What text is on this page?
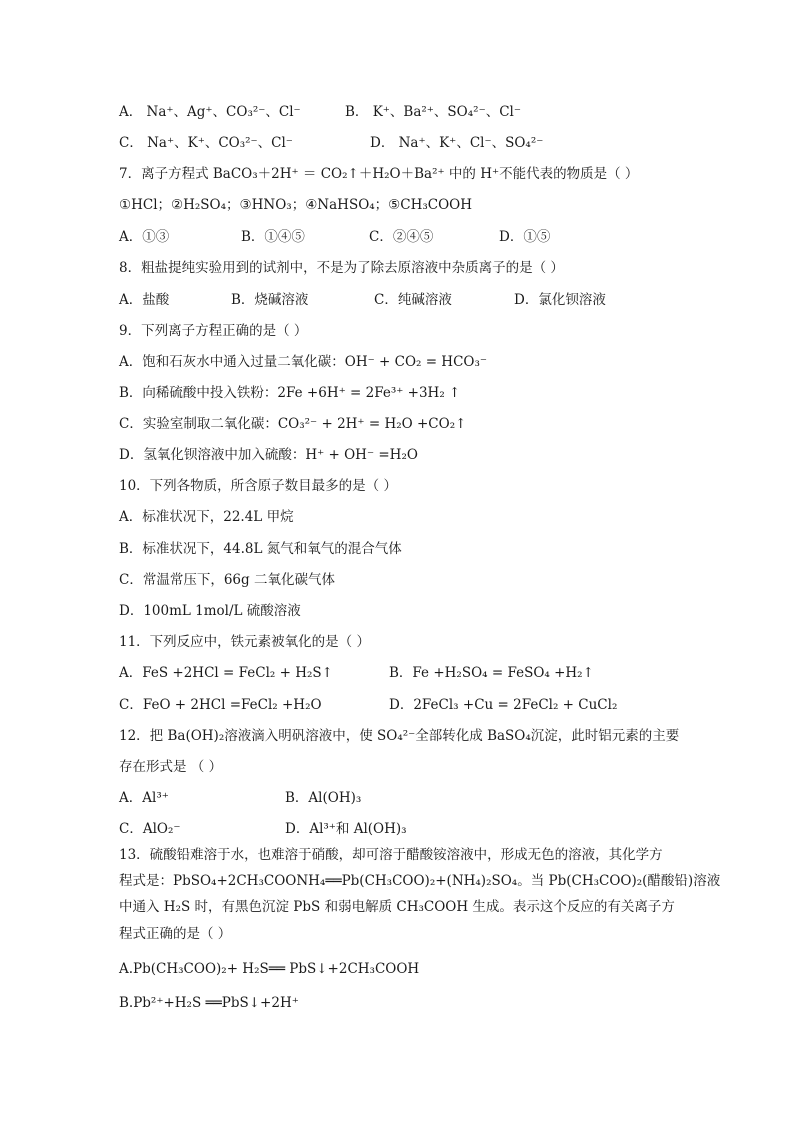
A． Na⁺、Ag⁺、CO₃²⁻、Cl⁻	B． K⁺、Ba²⁺、SO₄²⁻、Cl⁻
C． Na⁺、K⁺、CO₃²⁻、Cl⁻	D． Na⁺、K⁺、Cl⁻、SO₄²⁻
7．离子方程式 BaCO₃＋2H⁺ ＝ CO₂↑＋H₂O＋Ba²⁺ 中的 H⁺不能代表的物质是（ ）
①HCl；②H₂SO₄；③HNO₃；④NaHSO₄；⑤CH₃COOH
A．①③	B．①④⑤	C．②④⑤	D．①⑤
8．粗盐提纯实验用到的试剂中，不是为了除去原溶液中杂质离子的是（ ）
A．盐酸	B．烧碱溶液	C．纯碱溶液	D．氯化钡溶液
9．下列离子方程正确的是（ ）
A．饱和石灰水中通入过量二氧化碳：OH⁻ + CO₂ = HCO₃⁻
B．向稀硫酸中投入铁粉：2Fe +6H⁺ = 2Fe³⁺ +3H₂ ↑
C．实验室制取二氧化碳：CO₃²⁻ + 2H⁺ = H₂O +CO₂↑
D．氢氧化钡溶液中加入硫酸：H⁺ + OH⁻ =H₂O
10．下列各物质，所含原子数目最多的是（ ）
A．标准状况下，22.4L 甲烷
B．标准状况下，44.8L 氮气和氧气的混合气体
C．常温常压下，66g 二氧化碳气体
D．100mL 1mol/L 硫酸溶液
11．下列反应中，铁元素被氧化的是（ ）
A．FeS +2HCl = FeCl₂ + H₂S↑	B．Fe +H₂SO₄ = FeSO₄ +H₂↑
C．FeO + 2HCl =FeCl₂ +H₂O	D．2FeCl₃ +Cu = 2FeCl₂ + CuCl₂
12．把 Ba(OH)₂溶液滴入明矾溶液中，使 SO₄²⁻全部转化成 BaSO₄沉淀，此时铝元素的主要
存在形式是 （ ）
A．Al³⁺	B．Al(OH)₃
C．AlO₂⁻	D．Al³⁺和 Al(OH)₃
13．硫酸铅难溶于水，也难溶于硝酸，却可溶于醋酸铵溶液中，形成无色的溶液，其化学方
程式是：PbSO₄+2CH₃COONH₄══Pb(CH₃COO)₂+(NH₄)₂SO₄。当 Pb(CH₃COO)₂(醋酸铅)溶液
中通入 H₂S 时，有黑色沉淀 PbS 和弱电解质 CH₃COOH 生成。表示这个反应的有关离子方
程式正确的是（ ）
A.Pb(CH₃COO)₂+ H₂S══ PbS↓+2CH₃COOH
B.Pb²⁺+H₂S ══PbS↓+2H⁺
